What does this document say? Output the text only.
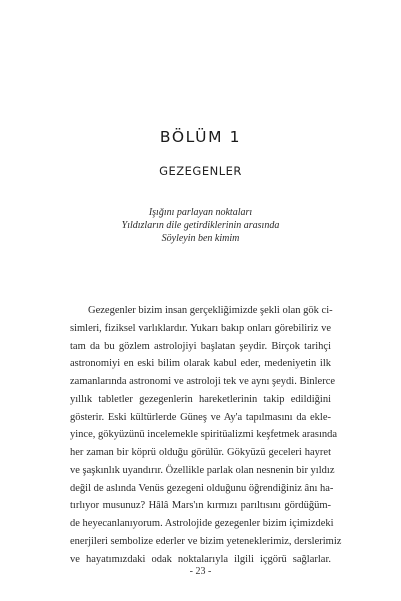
BÖLÜM 1
GEZEGENLER
Işığını parlayan noktaları
Yıldızların dile getirdiklerinin arasında
Söyleyin ben kimim
Gezegenler bizim insan gerçekliğimizde şekli olan gök ci-
simleri, fiziksel varlıklardır. Yukarı bakıp onları görebiliriz ve
tam da bu gözlem astrolojiyi başlatan şeydir. Birçok tarihçi
astronomiyi en eski bilim olarak kabul eder, medeniyetin ilk
zamanlarında astronomi ve astroloji tek ve aynı şeydi. Binlerce
yıllık tabletler gezegenlerin hareketlerinin takip edildiğini
gösterir. Eski kültürlerde Güneş ve Ay'a tapılmasını da ekle-
yince, gökyüzünü incelemekle spiritüalizmi keşfetmek arasında
her zaman bir köprü olduğu görülür. Gökyüzü geceleri hayret
ve şaşkınlık uyandırır. Özellikle parlak olan nesnenin bir yıldız
değil de aslında Venüs gezegeni olduğunu öğrendiğiniz ânı ha-
tırlıyor musunuz? Hâlâ Mars'ın kırmızı parıltısını gördüğüm-
de heyecanlanıyorum. Astrolojide gezegenler bizim içimizdeki
enerjileri sembolize ederler ve bizim yeteneklerimiz, derslerimiz
ve hayatımızdaki odak noktalarıyla ilgili içgörü sağlarlar.
- 23 -
